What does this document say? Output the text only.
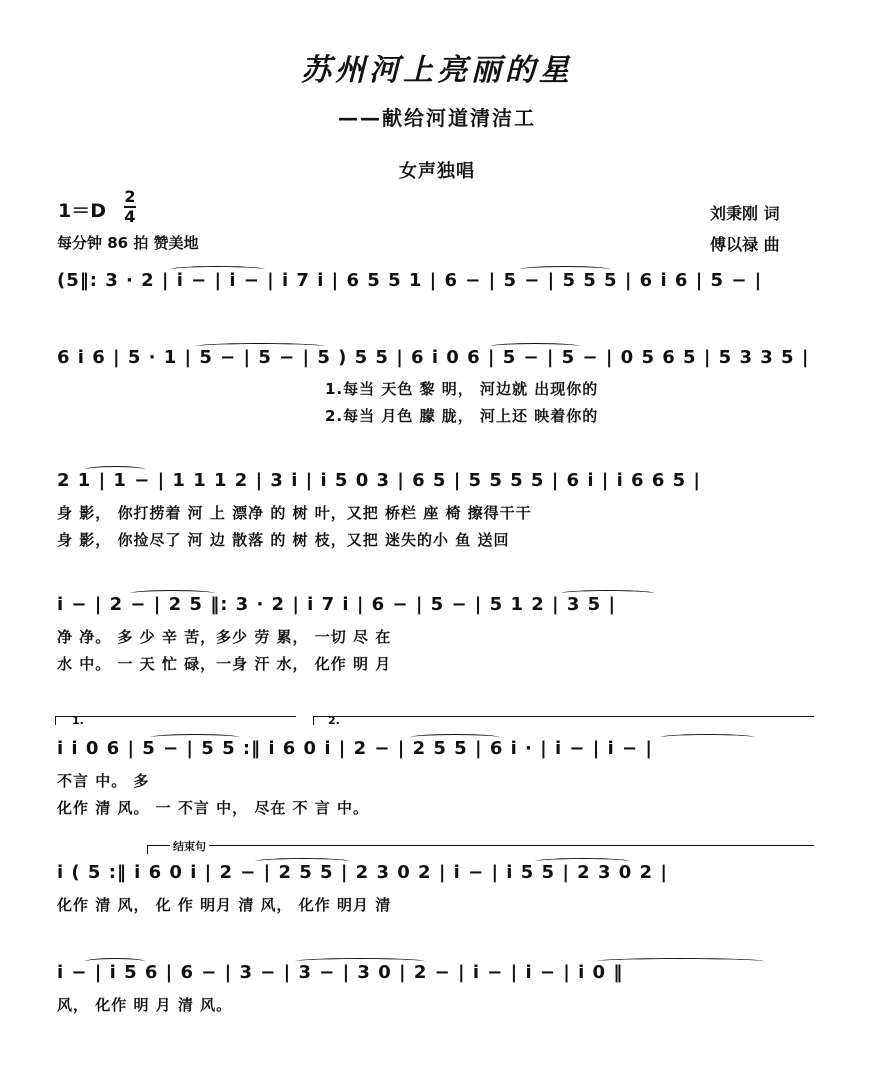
苏州河上亮丽的星
——献给河道清洁工
女声独唱
1＝D
2
4
每分钟 86 拍 赞美地
刘秉刚 词
傅以禄 曲
(5‖: 3 · 2 | i − | i − | i 7 i | 6 5 5 1 | 6 − | 5 − | 5 5 5 | 6 i 6 | 5 − |
6 i 6 | 5 · 1 | 5 − | 5 − | 5 ) 5 5 | 6 i 0 6 | 5 − | 5 − | 0 5 6 5 | 5 3 3 5 |
1.每当 天色 黎 明， 河边就 出现你的
2.每当 月色 朦 胧， 河上还 映着你的
2 1 | 1 − | 1 1 1 2 | 3 i | i 5 0 3 | 6 5 | 5 5 5 5 | 6 i | i 6 6 5 |
身 影， 你打捞着 河 上 漂净 的 树 叶，又把 桥栏 座 椅 擦得干干
身 影， 你捡尽了 河 边 散落 的 树 枝，又把 迷失的小 鱼 送回
i − | 2 − | 2 5 ‖: 3 · 2 | i 7 i | 6 − | 5 − | 5 1 2 | 3 5 |
净 净。 多 少 辛 苦，多少 劳 累， 一切 尽 在
水 中。 一 天 忙 碌，一身 汗 水， 化作 明 月
1.	2.
i i 0 6 | 5 − | 5 5 :‖ i 6 0 i | 2 − | 2 5 5 | 6 i · | i − | i − |
不言 中。 多
化作 清 风。 一 不言 中， 尽在 不 言 中。
结束句
i ( 5 :‖ i 6 0 i | 2 − | 2 5 5 | 2 3 0 2 | i − | i 5 5 | 2 3 0 2 |
化作 清 风， 化 作 明月 清 风， 化作 明月 清
i − | i 5 6 | 6 − | 3 − | 3 − | 3 0 | 2 − | i − | i − | i 0 ‖
风， 化作 明 月 清 风。
